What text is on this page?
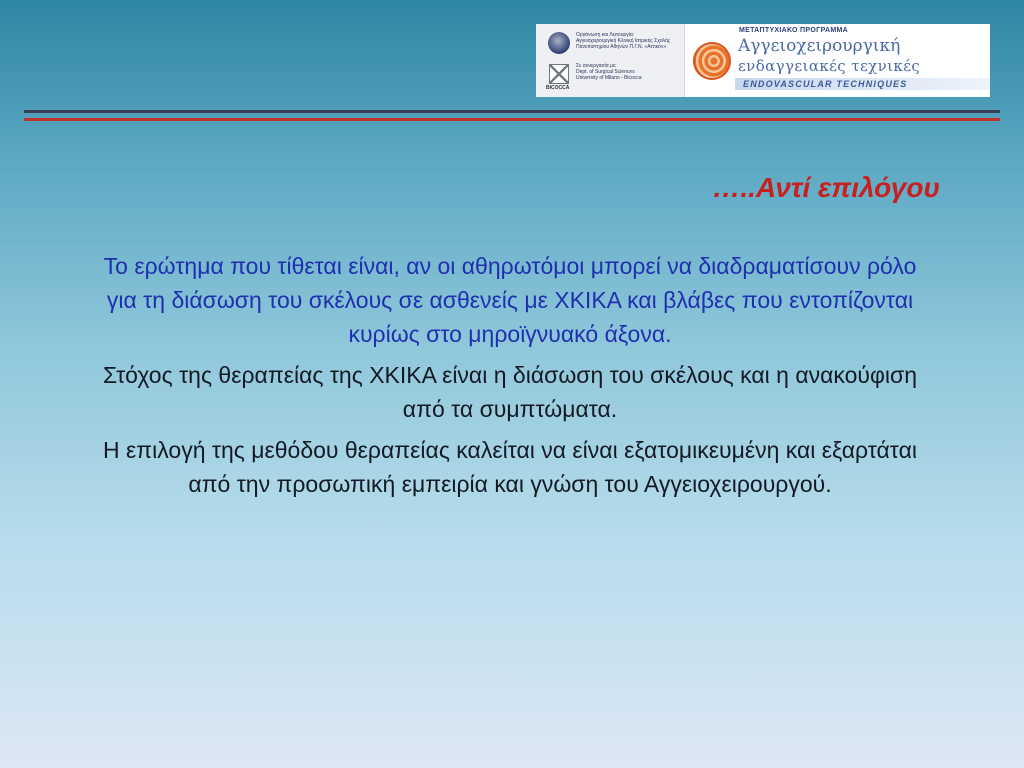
Οργάνωση και Λειτουργία:
Αγγειοχειρουργική Κλινική Ιατρικής Σχολής
Πανεπιστημίου Αθηνών Π.Γ.Ν. «Αττικόν»
BICOCCA
Σε συνεργασία με:
Dept. of Surgical Sciences
University of Milano - Bicocca
ΜΕΤΑΠΤΥΧΙΑΚΟ ΠΡΟΓΡΑΜΜΑ
Αγγειοχειρουργική
ενδαγγειακές τεχνικές
ENDOVASCULAR TECHNIQUES
…..Αντί επιλόγου

Το ερώτημα που τίθεται είναι, αν οι αθηρωτόμοι μπορεί να διαδραματίσουν ρόλο για τη διάσωση του σκέλους σε ασθενείς με ΧΚΙΚΑ και βλάβες που εντοπίζονται κυρίως στο μηροϊγνυακό άξονα.

Στόχος της θεραπείας της ΧΚΙΚΑ είναι η διάσωση του σκέλους και η ανακούφιση από τα συμπτώματα.

Η επιλογή της μεθόδου θεραπείας καλείται να είναι εξατομικευμένη και εξαρτάται από την προσωπική εμπειρία και γνώση του Αγγειοχειρουργού.
